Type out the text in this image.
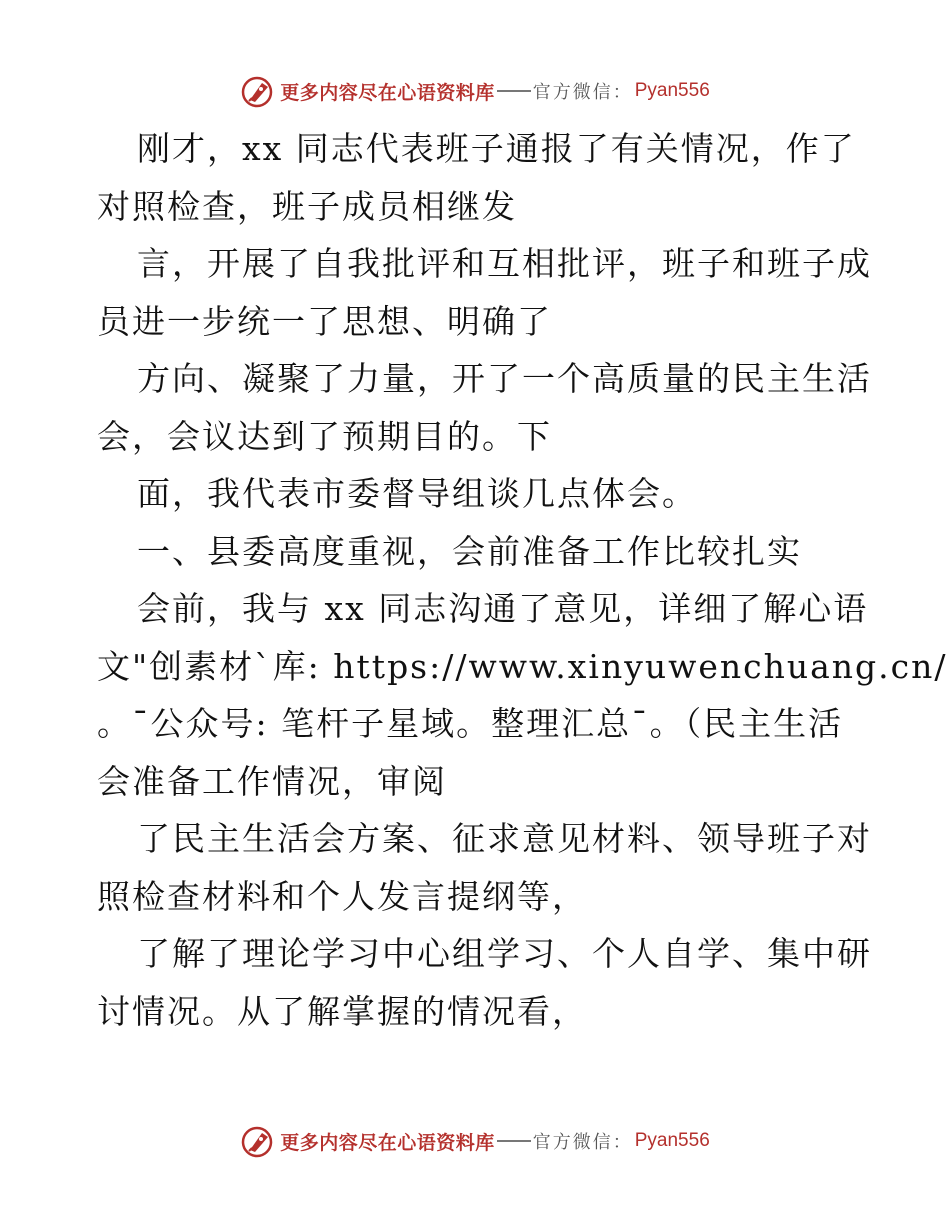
更多内容尽在心语资料库 官方微信： Pyan556
刚才，xx 同志代表班子通报了有关情况，作了
对照检查，班子成员相继发
言，开展了自我批评和互相批评，班子和班子成
员进一步统一了思想、明确了
方向、凝聚了力量，开了一个高质量的民主生活
会，会议达到了预期目的。下
面，我代表市委督导组谈几点体会。
一、县委高度重视，会前准备工作比较扎实
会前，我与 xx 同志沟通了意见，详细了解心语
文"创素材`库: https://www.xinyuwenchuang.cn/
。¯公众号: 笔杆子星域。整理汇总¯。（民主生活
会准备工作情况，审阅
了民主生活会方案、征求意见材料、领导班子对
照检查材料和个人发言提纲等，
了解了理论学习中心组学习、个人自学、集中研
讨情况。从了解掌握的情况看，
更多内容尽在心语资料库 官方微信： Pyan556
